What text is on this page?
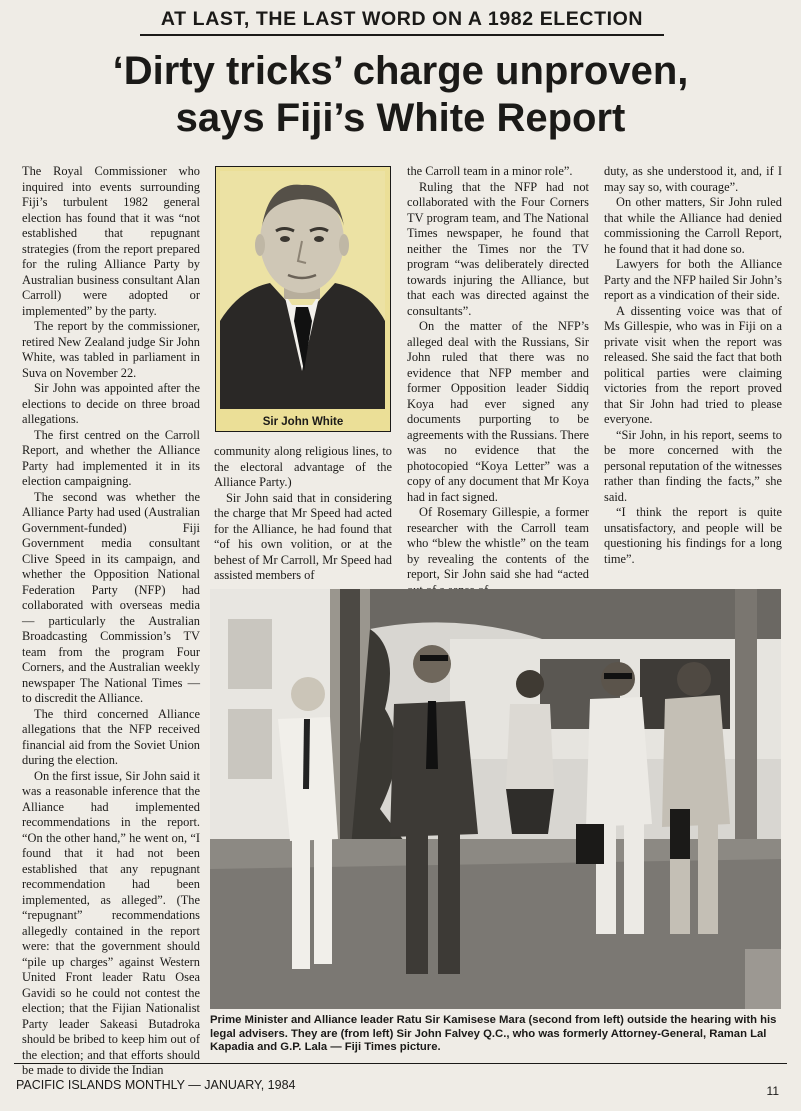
AT LAST, THE LAST WORD ON A 1982 ELECTION
‘Dirty tricks’ charge unproven,
says Fiji’s White Report

The Royal Commissioner who inquired into events surrounding Fiji’s turbulent 1982 general election has found that it was “not established that repugnant strategies (from the report prepared for the ruling Alliance Party by Australian business consultant Alan Carroll) were adopted or implemented” by the party.

The report by the commissioner, retired New Zealand judge Sir John White, was tabled in parliament in Suva on November 22.

Sir John was appointed after the elections to decide on three broad allegations.

The first centred on the Carroll Report, and whether the Alliance Party had implemented it in its election campaigning.

The second was whether the Alliance Party had used (Australian Government-funded) Fiji Government media consultant Clive Speed in its campaign, and whether the Opposition National Federation Party (NFP) had collaborated with overseas media — particularly the Australian Broadcasting Commission’s TV team from the program Four Corners, and the Australian weekly newspaper The National Times — to discredit the Alliance.

The third concerned Alliance allegations that the NFP received financial aid from the Soviet Union during the election.

On the first issue, Sir John said it was a reasonable inference that the Alliance had implemented recommendations in the report. “On the other hand,” he went on, “I found that it had not been established that any repugnant recommendation had been implemented, as alleged”. (The “repugnant” recommendations allegedly contained in the report were: that the government should “pile up charges” against Western United Front leader Ratu Osea Gavidi so he could not contest the election; that the Fijian Nationalist Party leader Sakeasi Butadroka should be bribed to keep him out of the election; and that efforts should be made to divide the Indian

Sir John White

community along religious lines, to the electoral advantage of the Alliance Party.)

Sir John said that in considering the charge that Mr Speed had acted for the Alliance, he had found that “of his own volition, or at the behest of Mr Carroll, Mr Speed had assisted members of

the Carroll team in a minor role”.

Ruling that the NFP had not collaborated with the Four Corners TV program team, and The National Times newspaper, he found that neither the Times nor the TV program “was deliberately directed towards injuring the Alliance, but that each was directed against the consultants”.

On the matter of the NFP’s alleged deal with the Russians, Sir John ruled that there was no evidence that NFP member and former Opposition leader Siddiq Koya had ever signed any documents purporting to be agreements with the Russians. There was no evidence that the photocopied “Koya Letter” was a copy of any document that Mr Koya had in fact signed.

Of Rosemary Gillespie, a former researcher with the Carroll team who “blew the whistle” on the team by revealing the contents of the report, Sir John said she had “acted

duty, as she understood it, and, if I may say so, with courage”.

On other matters, Sir John ruled that while the Alliance had denied commissioning the Carroll Report, he found that it had done so.

Lawyers for both the Alliance Party and the NFP hailed Sir John’s report as a vindication of their side.

A dissenting voice was that of Ms Gillespie, who was in Fiji on a private visit when the report was released. She said the fact that both political parties were claiming victories from the report proved that Sir John had tried to please everyone.

“Sir John, in his report, seems to be more concerned with the personal reputation of the witnesses rather than finding the facts,” she said.

“I think the report is quite unsatisfactory, and people will be questioning his findings for a long time”.

Prime Minister and Alliance leader Ratu Sir Kamisese Mara (second from left) outside the hearing with his legal advisers. They are (from left) Sir John Falvey Q.C., who was formerly Attorney-General, Raman Lal Kapadia and G.P. Lala — Fiji Times picture.
PACIFIC ISLANDS MONTHLY — JANUARY, 1984	11
